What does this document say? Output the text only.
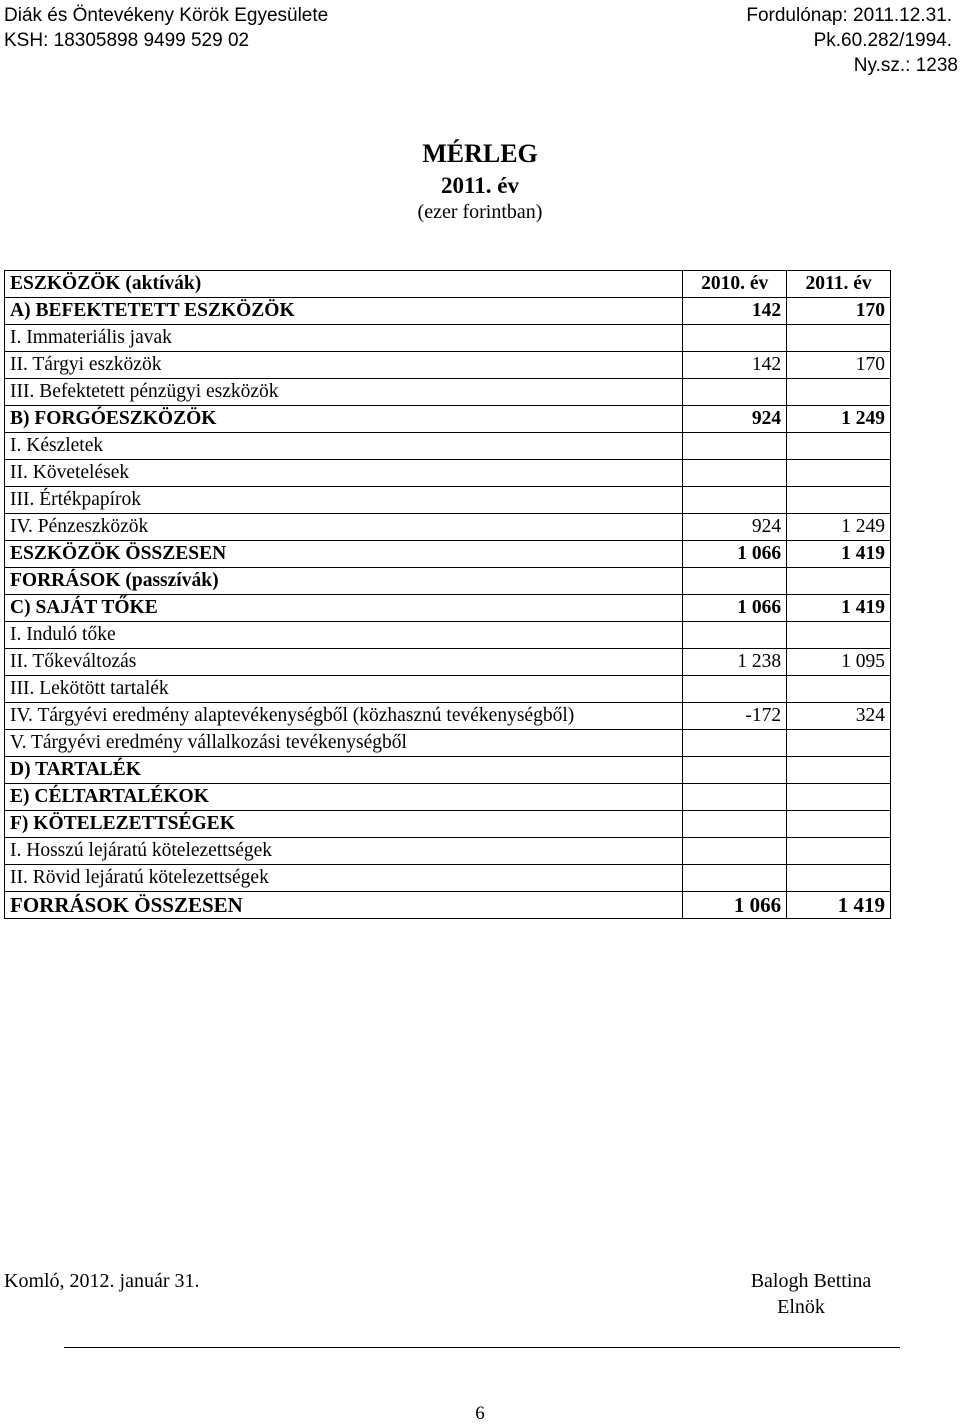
Diák és Öntevékeny Körök Egyesülete
KSH: 18305898 9499 529 02
Fordulónap: 2011.12.31.
Pk.60.282/1994.
Ny.sz.: 1238
MÉRLEG
2011. év
(ezer forintban)
ESZKÖZÖK (aktívák)	2010. év	2011. év
A) BEFEKTETETT ESZKÖZÖK	142	170
I. Immateriális javak		
II. Tárgyi eszközök	142	170
III. Befektetett pénzügyi eszközök		
B) FORGÓESZKÖZÖK	924	1 249
I. Készletek		
II. Követelések		
III. Értékpapírok		
IV. Pénzeszközök	924	1 249
ESZKÖZÖK ÖSSZESEN	1 066	1 419
FORRÁSOK (passzívák)		
C) SAJÁT TŐKE	1 066	1 419
I. Induló tőke		
II. Tőkeváltozás	1 238	1 095
III. Lekötött tartalék		
IV. Tárgyévi eredmény alaptevékenységből (közhasznú tevékenységből)	-172	324
V. Tárgyévi eredmény vállalkozási tevékenységből		
D) TARTALÉK		
E) CÉLTARTALÉKOK		
F) KÖTELEZETTSÉGEK		
I. Hosszú lejáratú kötelezettségek		
II. Rövid lejáratú kötelezettségek		
FORRÁSOK ÖSSZESEN	1 066	1 419
Komló, 2012. január 31.	Balogh Bettina
Elnök
6
